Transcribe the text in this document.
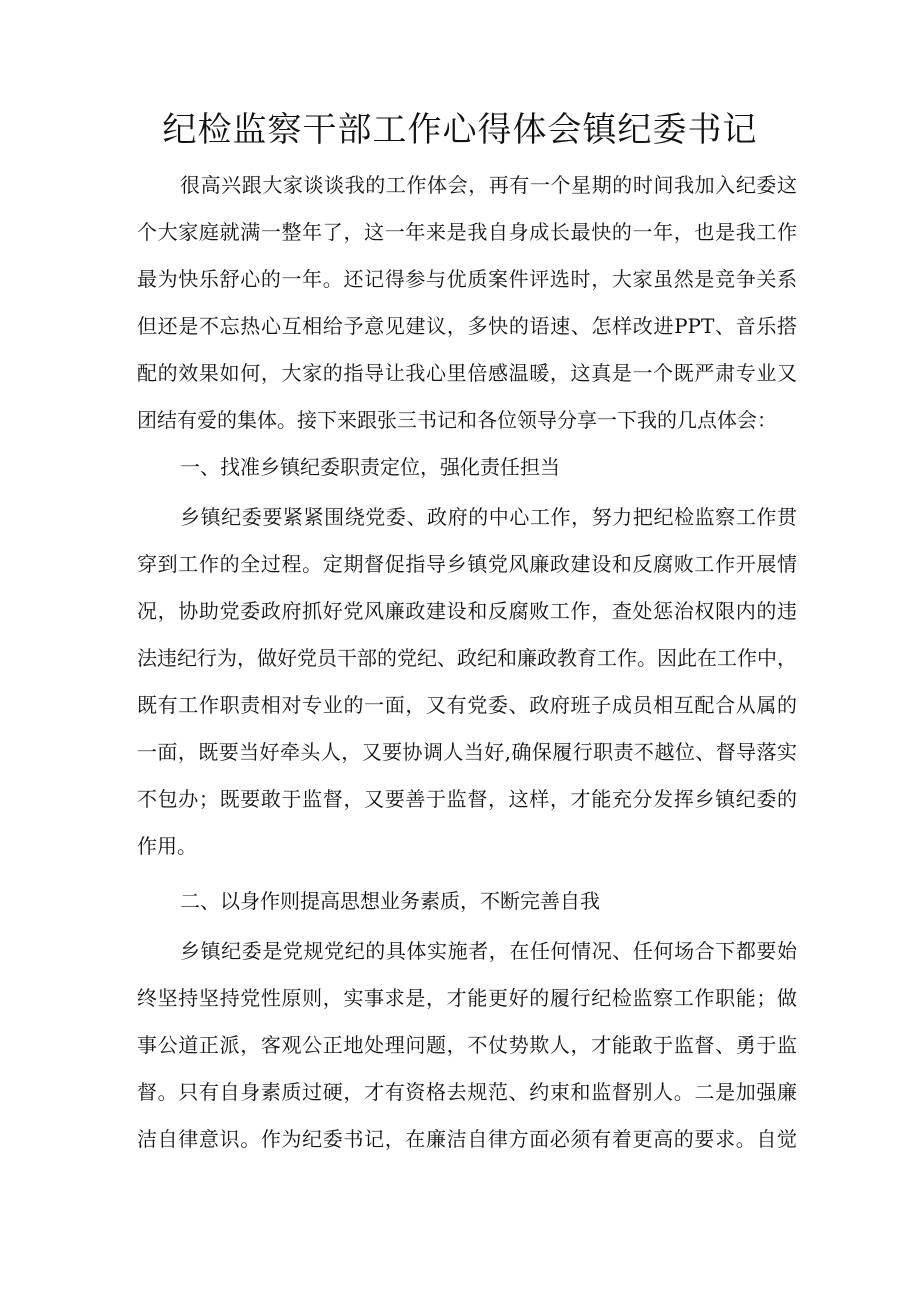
纪检监察干部工作心得体会镇纪委书记
很高兴跟大家谈谈我的工作体会，再有一个星期的时间我加入纪委这
个大家庭就满一整年了，这一年来是我自身成长最快的一年，也是我工作
最为快乐舒心的一年。还记得参与优质案件评选时，大家虽然是竞争关系
但还是不忘热心互相给予意见建议，多快的语速、怎样改进PPT、音乐搭
配的效果如何，大家的指导让我心里倍感温暖，这真是一个既严肃专业又
团结有爱的集体。接下来跟张三书记和各位领导分享一下我的几点体会：
一、找准乡镇纪委职责定位，强化责任担当
乡镇纪委要紧紧围绕党委、政府的中心工作，努力把纪检监察工作贯
穿到工作的全过程。定期督促指导乡镇党风廉政建设和反腐败工作开展情
况，协助党委政府抓好党风廉政建设和反腐败工作，查处惩治权限内的违
法违纪行为，做好党员干部的党纪、政纪和廉政教育工作。因此在工作中，
既有工作职责相对专业的一面，又有党委、政府班子成员相互配合从属的
一面，既要当好牵头人，又要协调人当好,确保履行职责不越位、督导落实
不包办；既要敢于监督，又要善于监督，这样，才能充分发挥乡镇纪委的
作用。
二、以身作则提高思想业务素质，不断完善自我
乡镇纪委是党规党纪的具体实施者，在任何情况、任何场合下都要始
终坚持坚持党性原则，实事求是，才能更好的履行纪检监察工作职能；做
事公道正派，客观公正地处理问题，不仗势欺人，才能敢于监督、勇于监
督。只有自身素质过硬，才有资格去规范、约束和监督别人。二是加强廉
洁自律意识。作为纪委书记，在廉洁自律方面必须有着更高的要求。自觉
